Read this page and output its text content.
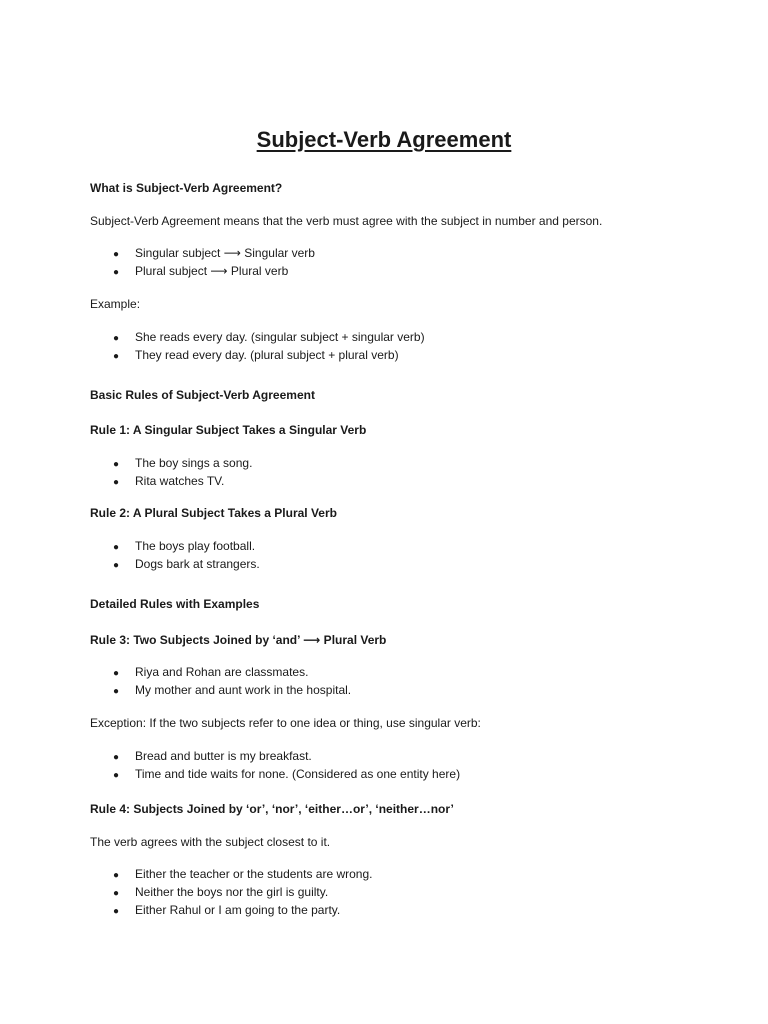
Subject-Verb Agreement

What is Subject-Verb Agreement?

Subject-Verb Agreement means that the verb must agree with the subject in number and person.

● Singular subject ⟶ Singular verb
● Plural subject ⟶ Plural verb

Example:

● She reads every day. (singular subject + singular verb)
● They read every day. (plural subject + plural verb)

Basic Rules of Subject-Verb Agreement

Rule 1: A Singular Subject Takes a Singular Verb

● The boy sings a song.
● Rita watches TV.

Rule 2: A Plural Subject Takes a Plural Verb

● The boys play football.
● Dogs bark at strangers.

Detailed Rules with Examples

Rule 3: Two Subjects Joined by ‘and’ ⟶ Plural Verb

● Riya and Rohan are classmates.
● My mother and aunt work in the hospital.

Exception: If the two subjects refer to one idea or thing, use singular verb:

● Bread and butter is my breakfast.
● Time and tide waits for none. (Considered as one entity here)

Rule 4: Subjects Joined by ‘or’, ‘nor’, ‘either…or’, ‘neither…nor’

The verb agrees with the subject closest to it.

● Either the teacher or the students are wrong.
● Neither the boys nor the girl is guilty.
● Either Rahul or I am going to the party.
